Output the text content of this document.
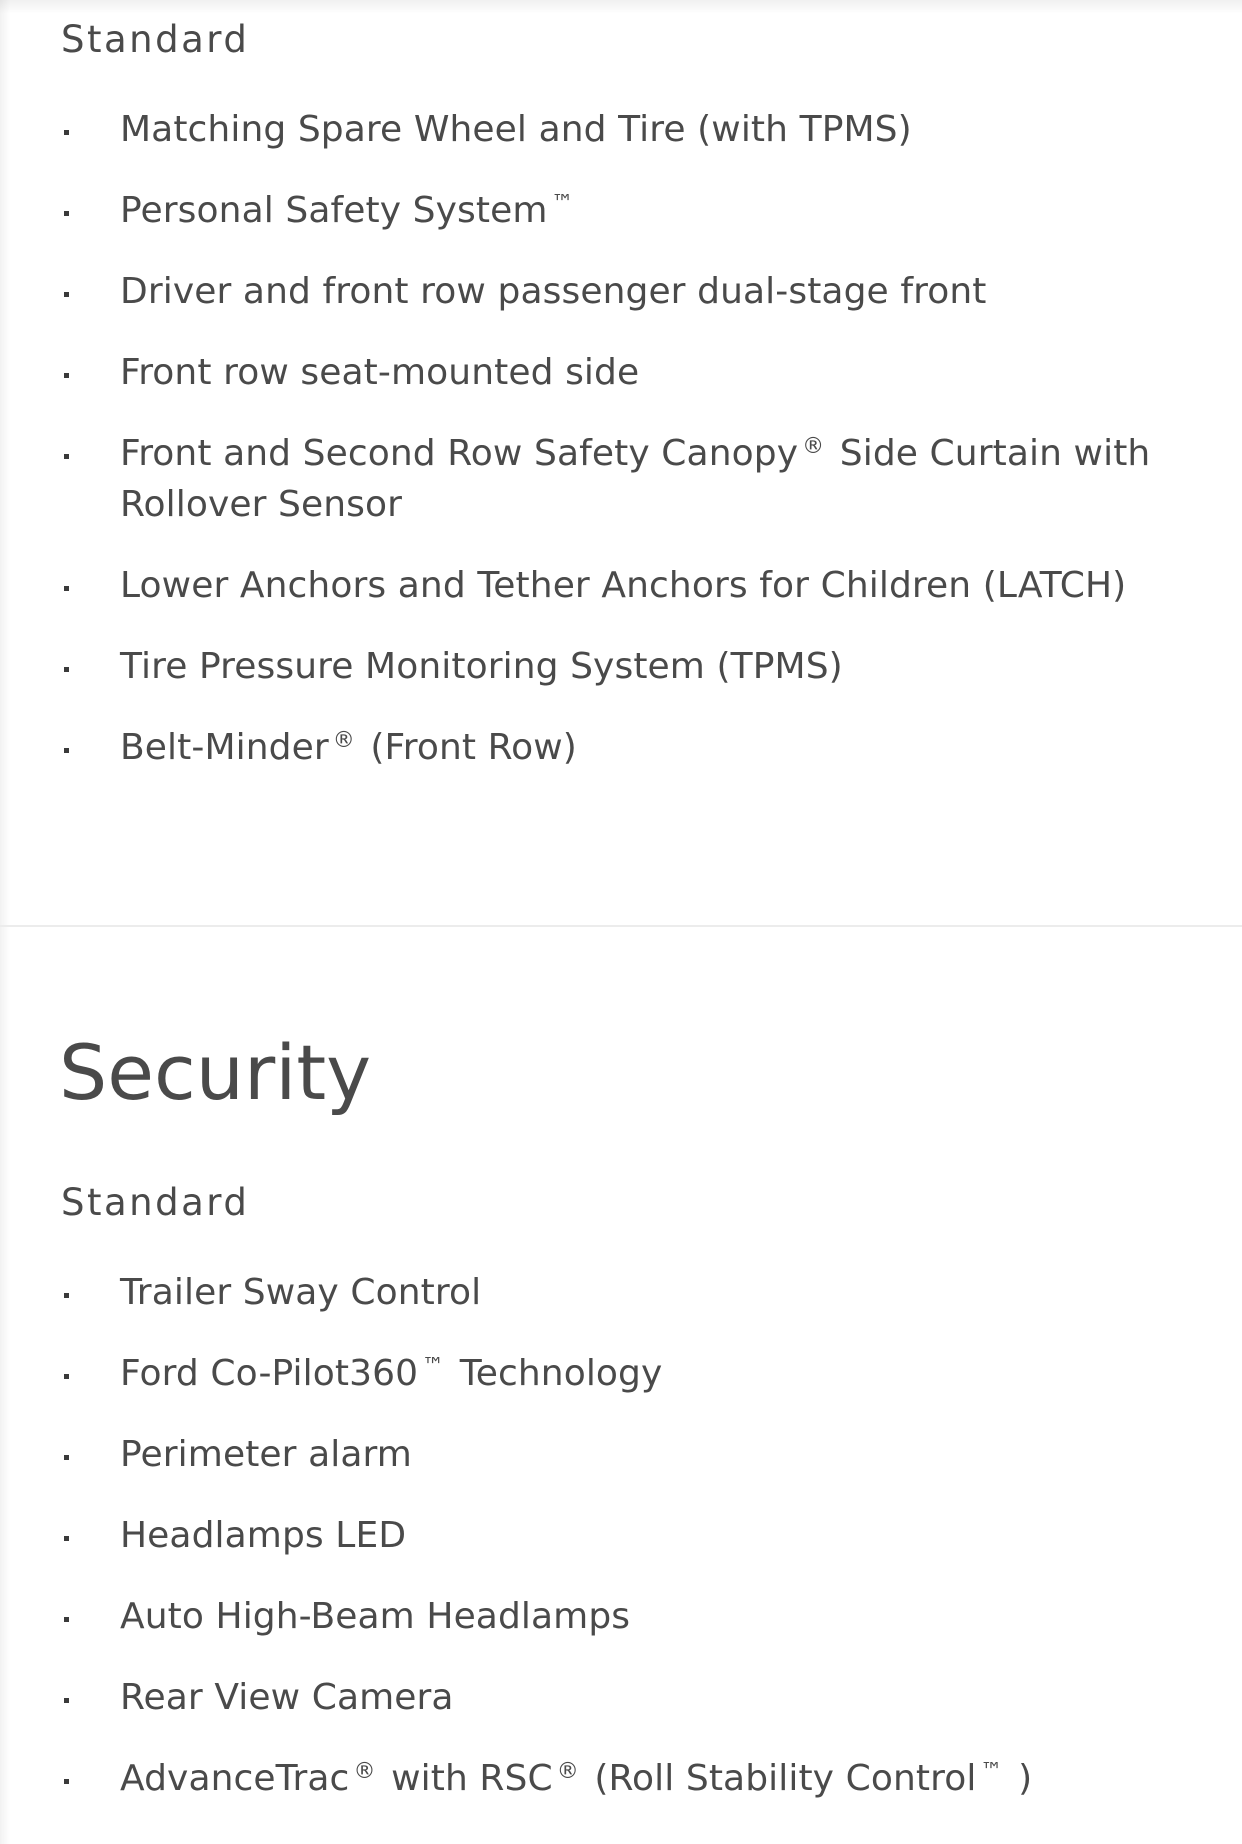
Standard
Matching Spare Wheel and Tire (with TPMS)
Personal Safety System ™
Driver and front row passenger dual-stage front
Front row seat-mounted side
Front and Second Row Safety Canopy ® Side Curtain with Rollover Sensor
Lower Anchors and Tether Anchors for Children (LATCH)
Tire Pressure Monitoring System (TPMS)
Belt-Minder ® (Front Row)
Security
Standard
Trailer Sway Control
Ford Co-Pilot360 ™ Technology
Perimeter alarm
Headlamps LED
Auto High-Beam Headlamps
Rear View Camera
AdvanceTrac ® with RSC ® (Roll Stability Control ™ )
